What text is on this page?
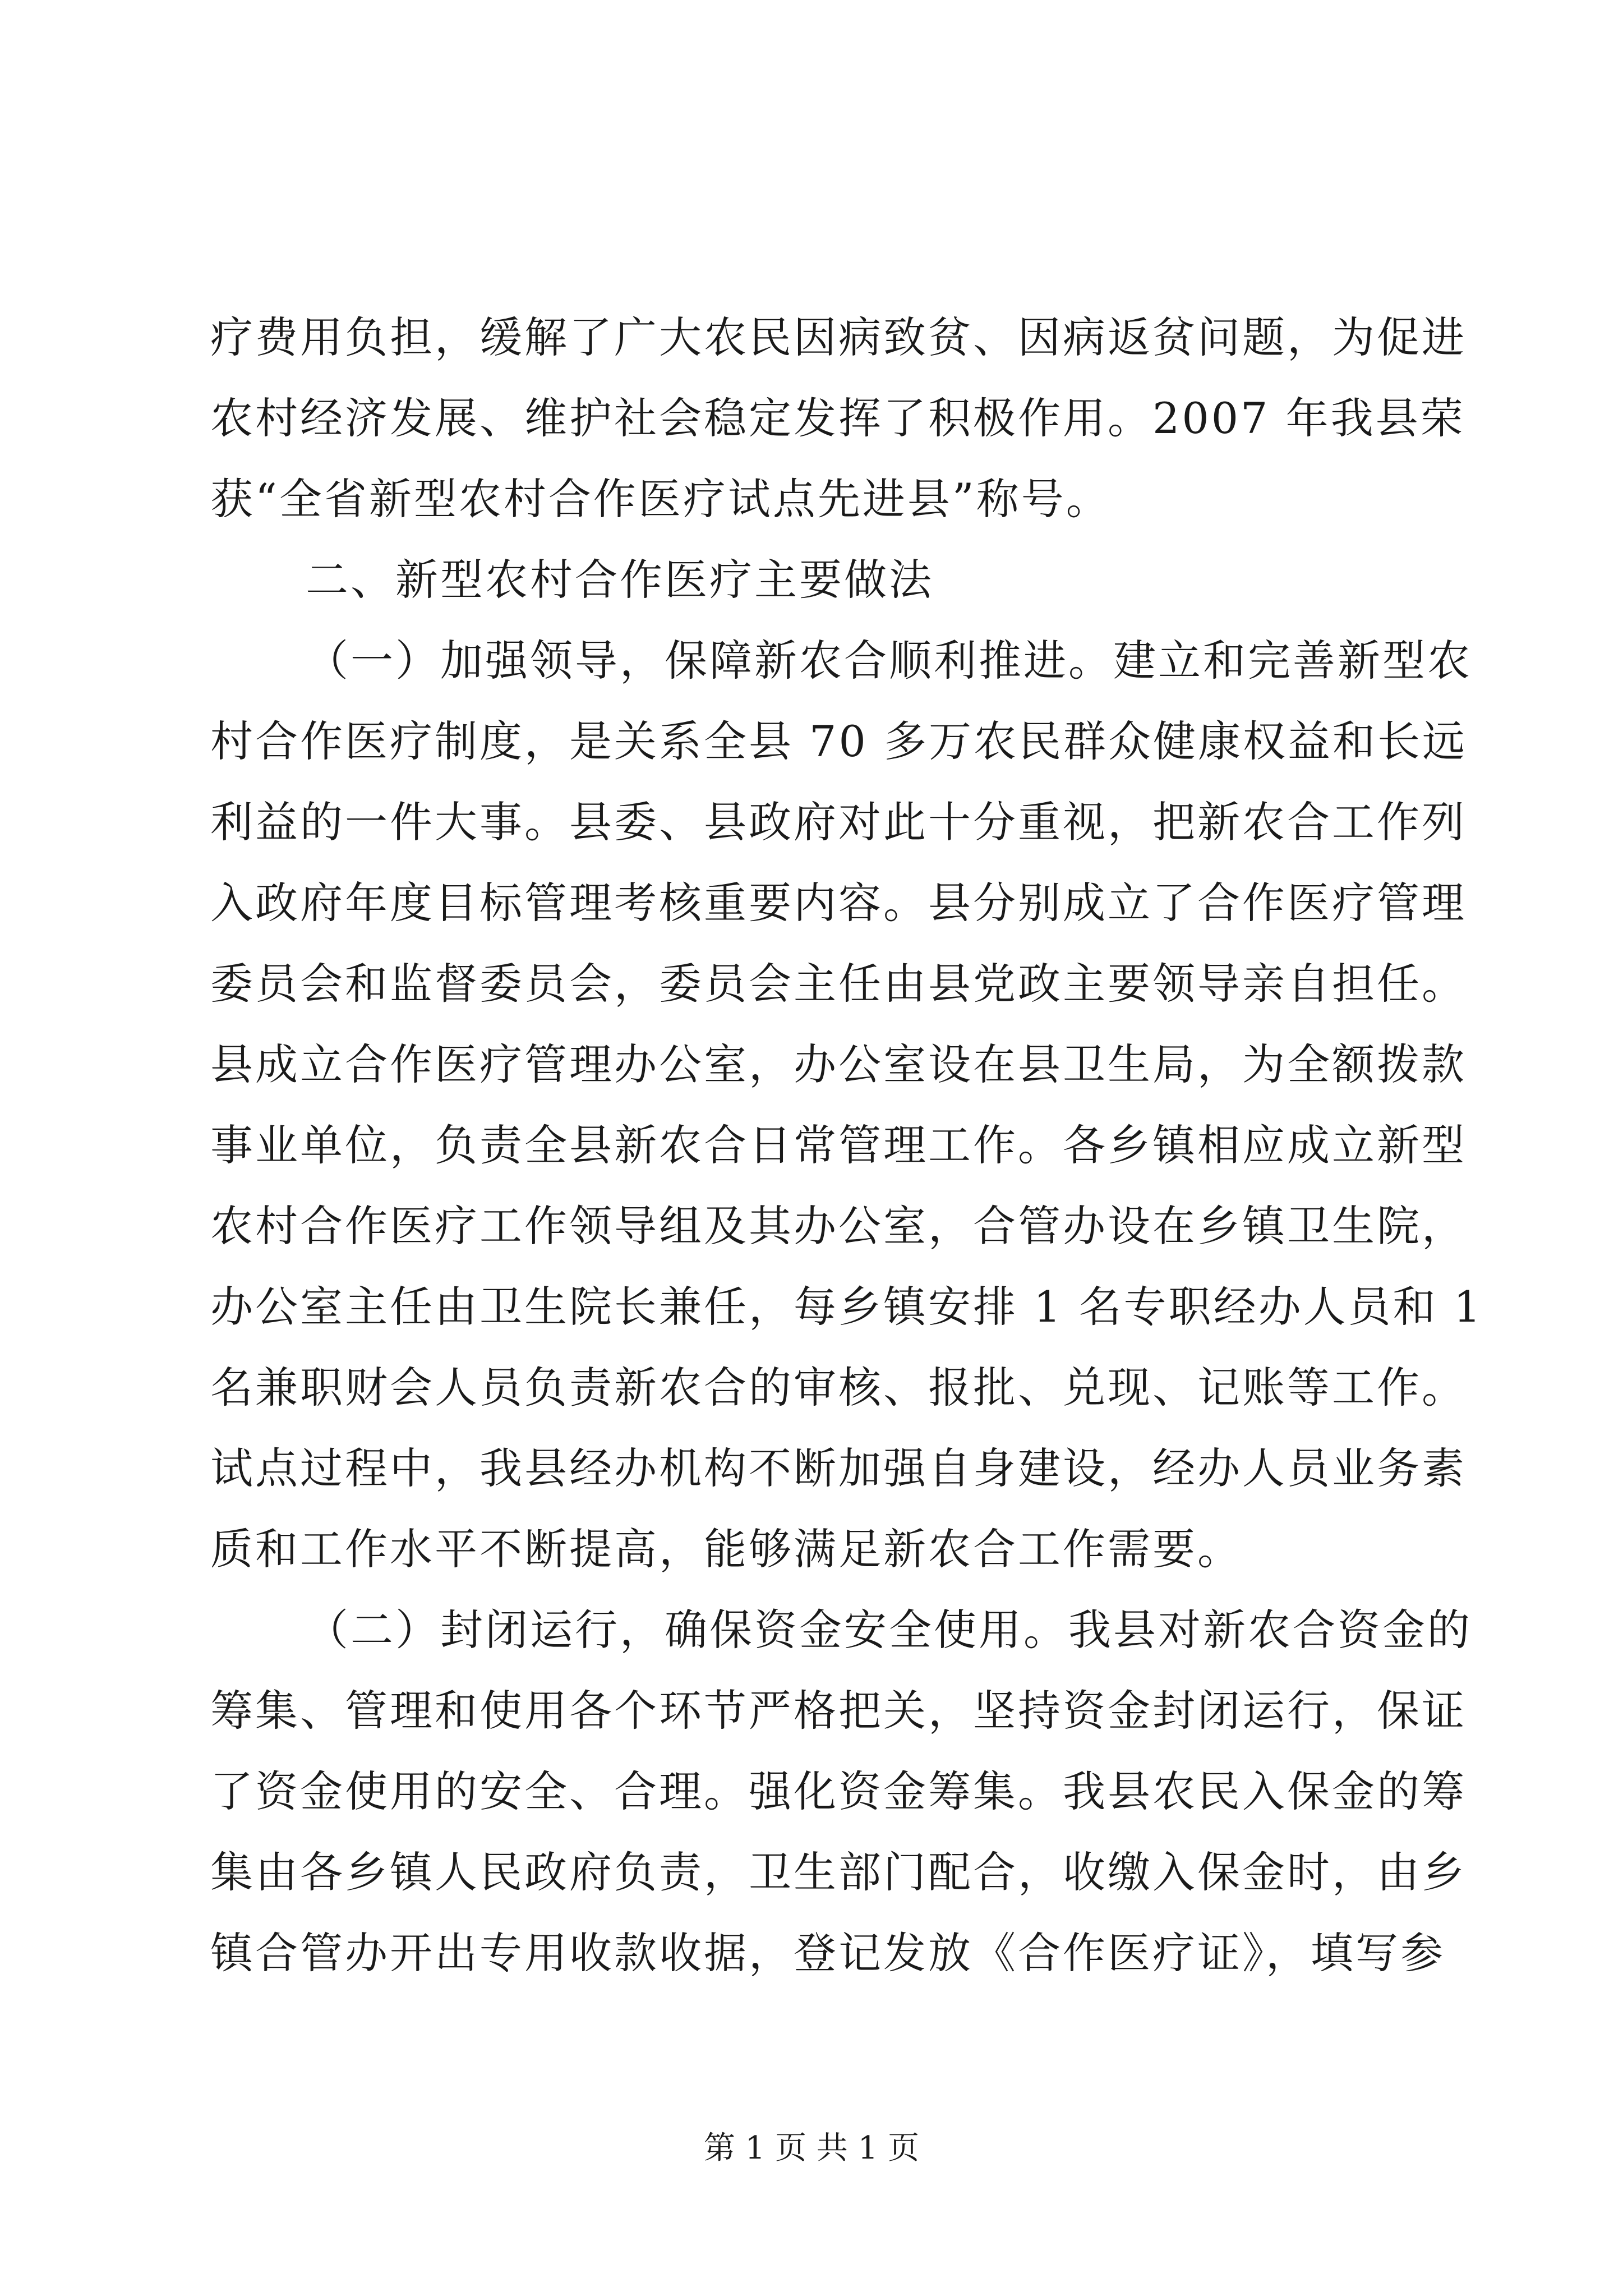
疗费用负担，缓解了广大农民因病致贫、因病返贫问题，为促进
农村经济发展、维护社会稳定发挥了积极作用。2007 年我县荣
获“全省新型农村合作医疗试点先进县”称号。
二、新型农村合作医疗主要做法
（一）加强领导，保障新农合顺利推进。建立和完善新型农
村合作医疗制度，是关系全县 70 多万农民群众健康权益和长远
利益的一件大事。县委、县政府对此十分重视，把新农合工作列
入政府年度目标管理考核重要内容。县分别成立了合作医疗管理
委员会和监督委员会，委员会主任由县党政主要领导亲自担任。
县成立合作医疗管理办公室，办公室设在县卫生局，为全额拨款
事业单位，负责全县新农合日常管理工作。各乡镇相应成立新型
农村合作医疗工作领导组及其办公室，合管办设在乡镇卫生院，
办公室主任由卫生院长兼任，每乡镇安排 1 名专职经办人员和 1
名兼职财会人员负责新农合的审核、报批、兑现、记账等工作。
试点过程中，我县经办机构不断加强自身建设，经办人员业务素
质和工作水平不断提高，能够满足新农合工作需要。
（二）封闭运行，确保资金安全使用。我县对新农合资金的
筹集、管理和使用各个环节严格把关，坚持资金封闭运行，保证
了资金使用的安全、合理。强化资金筹集。我县农民入保金的筹
集由各乡镇人民政府负责，卫生部门配合，收缴入保金时，由乡
镇合管办开出专用收款收据，登记发放《合作医疗证》，填写参
第 1 页 共 1 页
